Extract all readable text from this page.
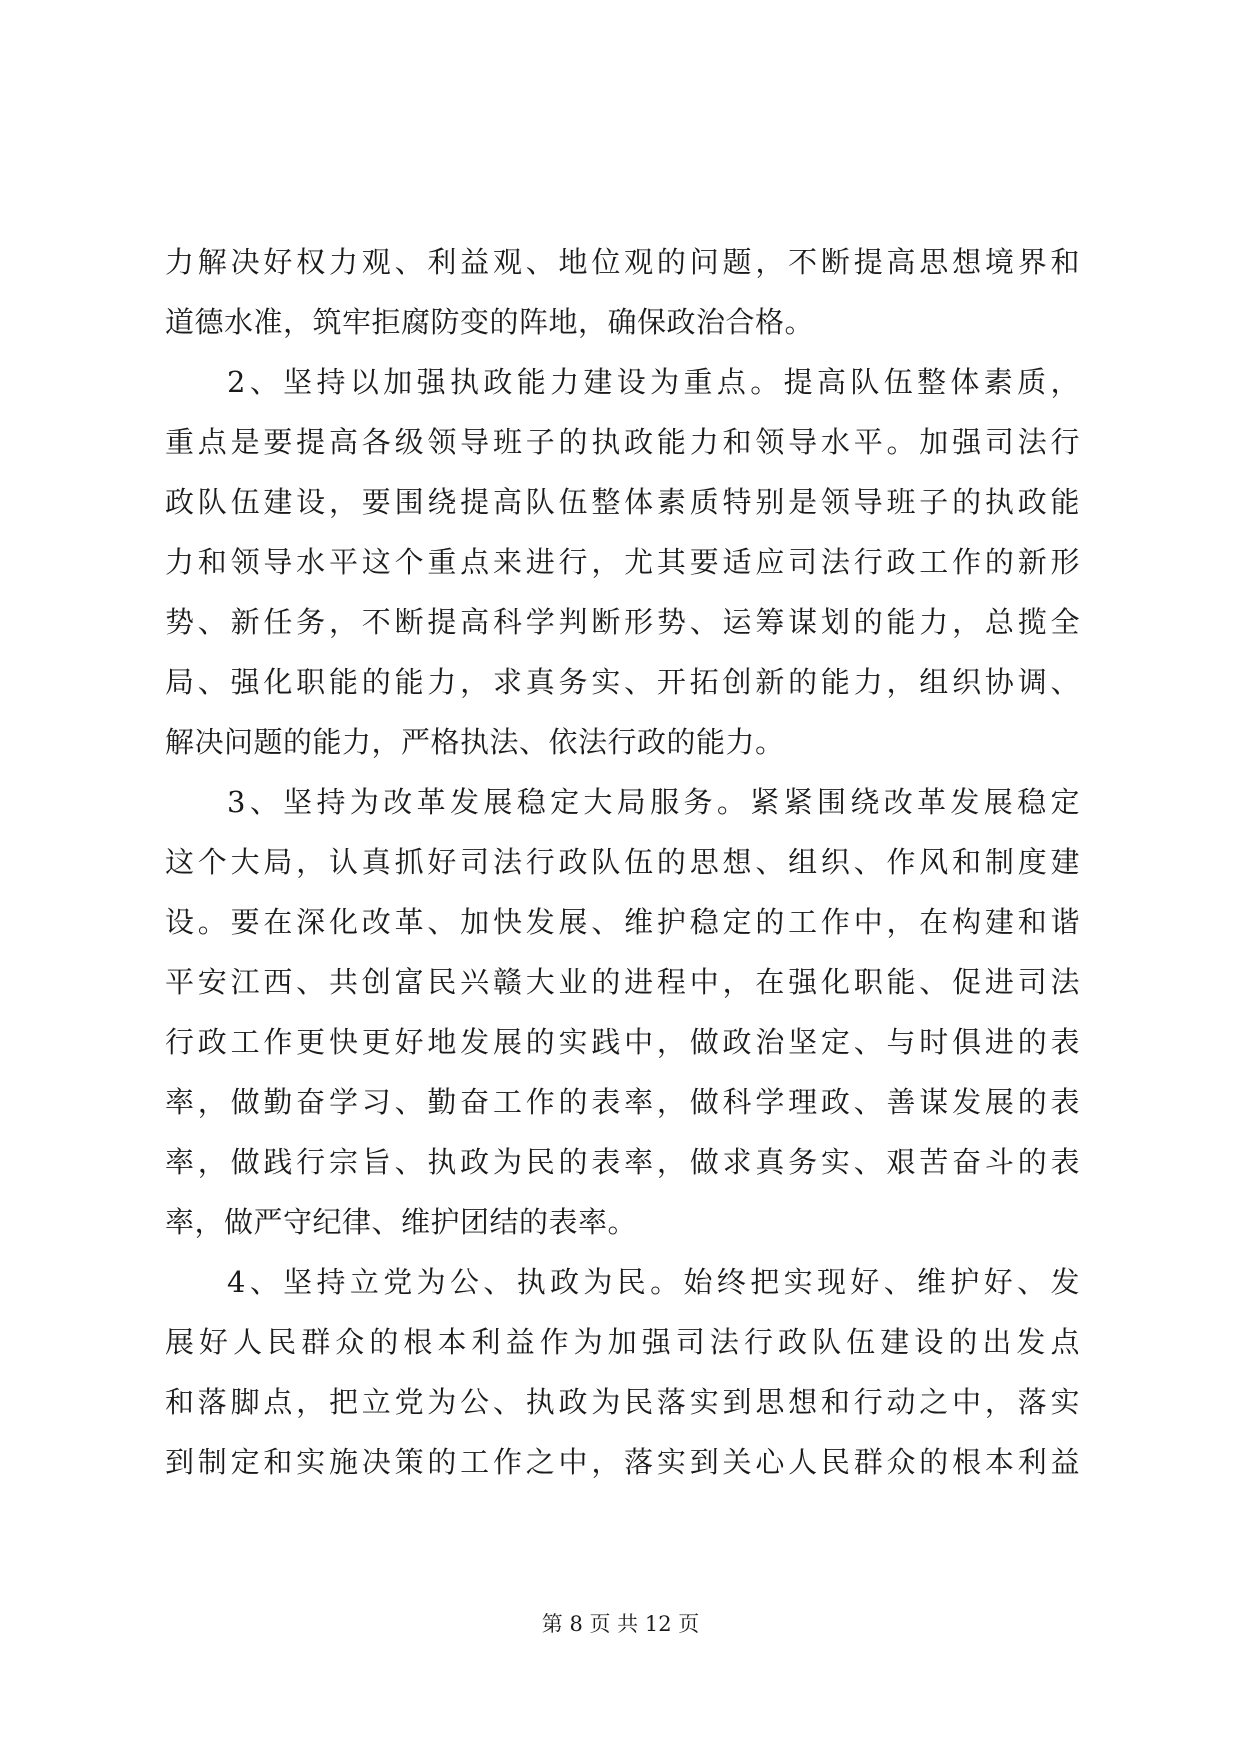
力解决好权力观、利益观、地位观的问题，不断提高思想境界和
道德水准，筑牢拒腐防变的阵地，确保政治合格。
2、坚持以加强执政能力建设为重点。提高队伍整体素质，
重点是要提高各级领导班子的执政能力和领导水平。加强司法行
政队伍建设，要围绕提高队伍整体素质特别是领导班子的执政能
力和领导水平这个重点来进行，尤其要适应司法行政工作的新形
势、新任务，不断提高科学判断形势、运筹谋划的能力，总揽全
局、强化职能的能力，求真务实、开拓创新的能力，组织协调、
解决问题的能力，严格执法、依法行政的能力。
3、坚持为改革发展稳定大局服务。紧紧围绕改革发展稳定
这个大局，认真抓好司法行政队伍的思想、组织、作风和制度建
设。要在深化改革、加快发展、维护稳定的工作中，在构建和谐
平安江西、共创富民兴赣大业的进程中，在强化职能、促进司法
行政工作更快更好地发展的实践中，做政治坚定、与时俱进的表
率，做勤奋学习、勤奋工作的表率，做科学理政、善谋发展的表
率，做践行宗旨、执政为民的表率，做求真务实、艰苦奋斗的表
率，做严守纪律、维护团结的表率。
4、坚持立党为公、执政为民。始终把实现好、维护好、发
展好人民群众的根本利益作为加强司法行政队伍建设的出发点
和落脚点，把立党为公、执政为民落实到思想和行动之中，落实
到制定和实施决策的工作之中，落实到关心人民群众的根本利益
第 8 页 共 12 页
